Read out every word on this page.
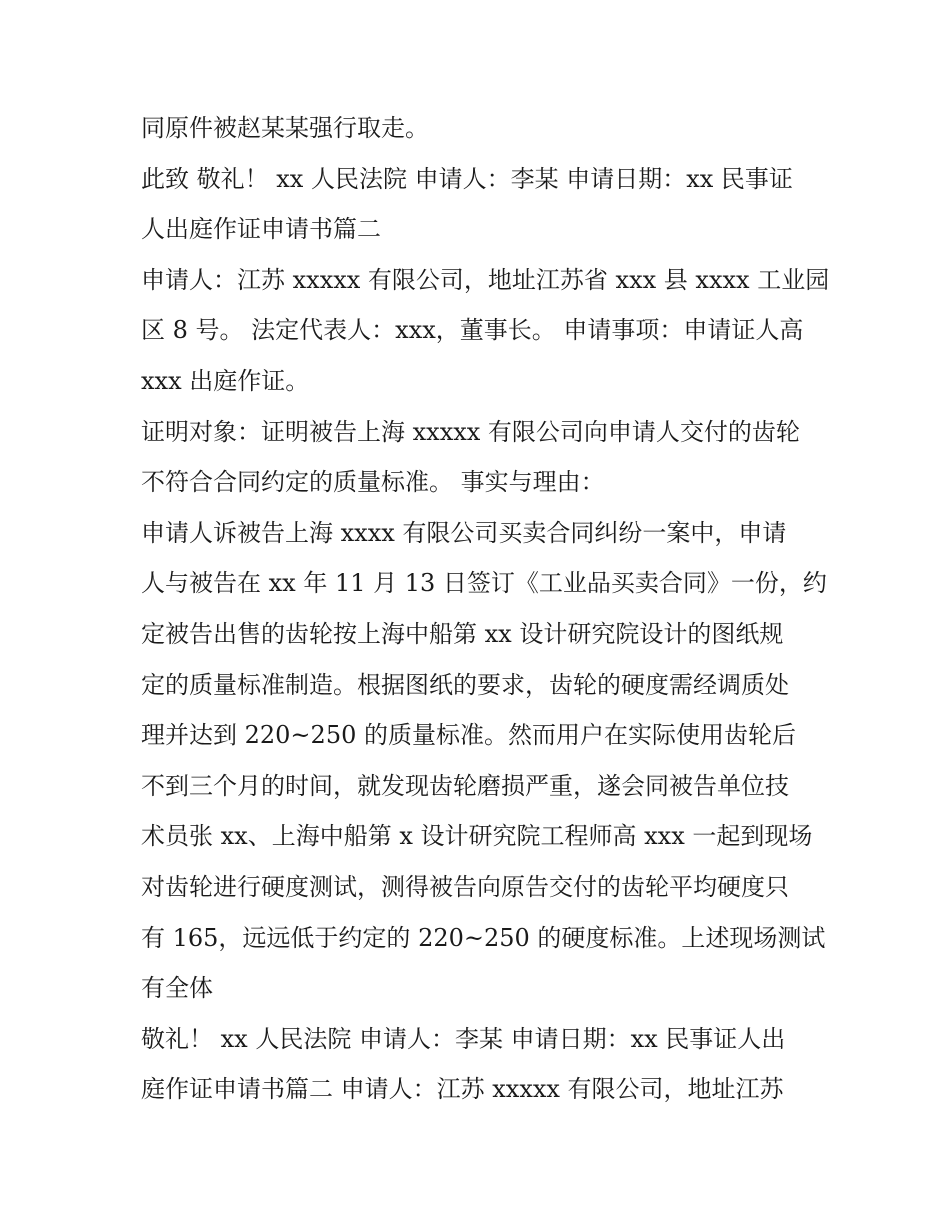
同原件被赵某某强行取走。
此致 敬礼！ xx 人民法院 申请人：李某 申请日期：xx 民事证
人出庭作证申请书篇二
申请人：江苏 xxxxx 有限公司，地址江苏省 xxx 县 xxxx 工业园
区 8 号。 法定代表人：xxx，董事长。 申请事项：申请证人高
xxx 出庭作证。
证明对象：证明被告上海 xxxxx 有限公司向申请人交付的齿轮
不符合合同约定的质量标准。 事实与理由：
申请人诉被告上海 xxxx 有限公司买卖合同纠纷一案中，申请
人与被告在 xx 年 11 月 13 日签订《工业品买卖合同》一份，约
定被告出售的齿轮按上海中船第 xx 设计研究院设计的图纸规
定的质量标准制造。根据图纸的要求，齿轮的硬度需经调质处
理并达到 220~250 的质量标准。然而用户在实际使用齿轮后
不到三个月的时间，就发现齿轮磨损严重，遂会同被告单位技
术员张 xx、上海中船第 x 设计研究院工程师高 xxx 一起到现场
对齿轮进行硬度测试，测得被告向原告交付的齿轮平均硬度只
有 165，远远低于约定的 220~250 的硬度标准。上述现场测试
有全体
敬礼！ xx 人民法院 申请人：李某 申请日期：xx 民事证人出
庭作证申请书篇二 申请人：江苏 xxxxx 有限公司，地址江苏
